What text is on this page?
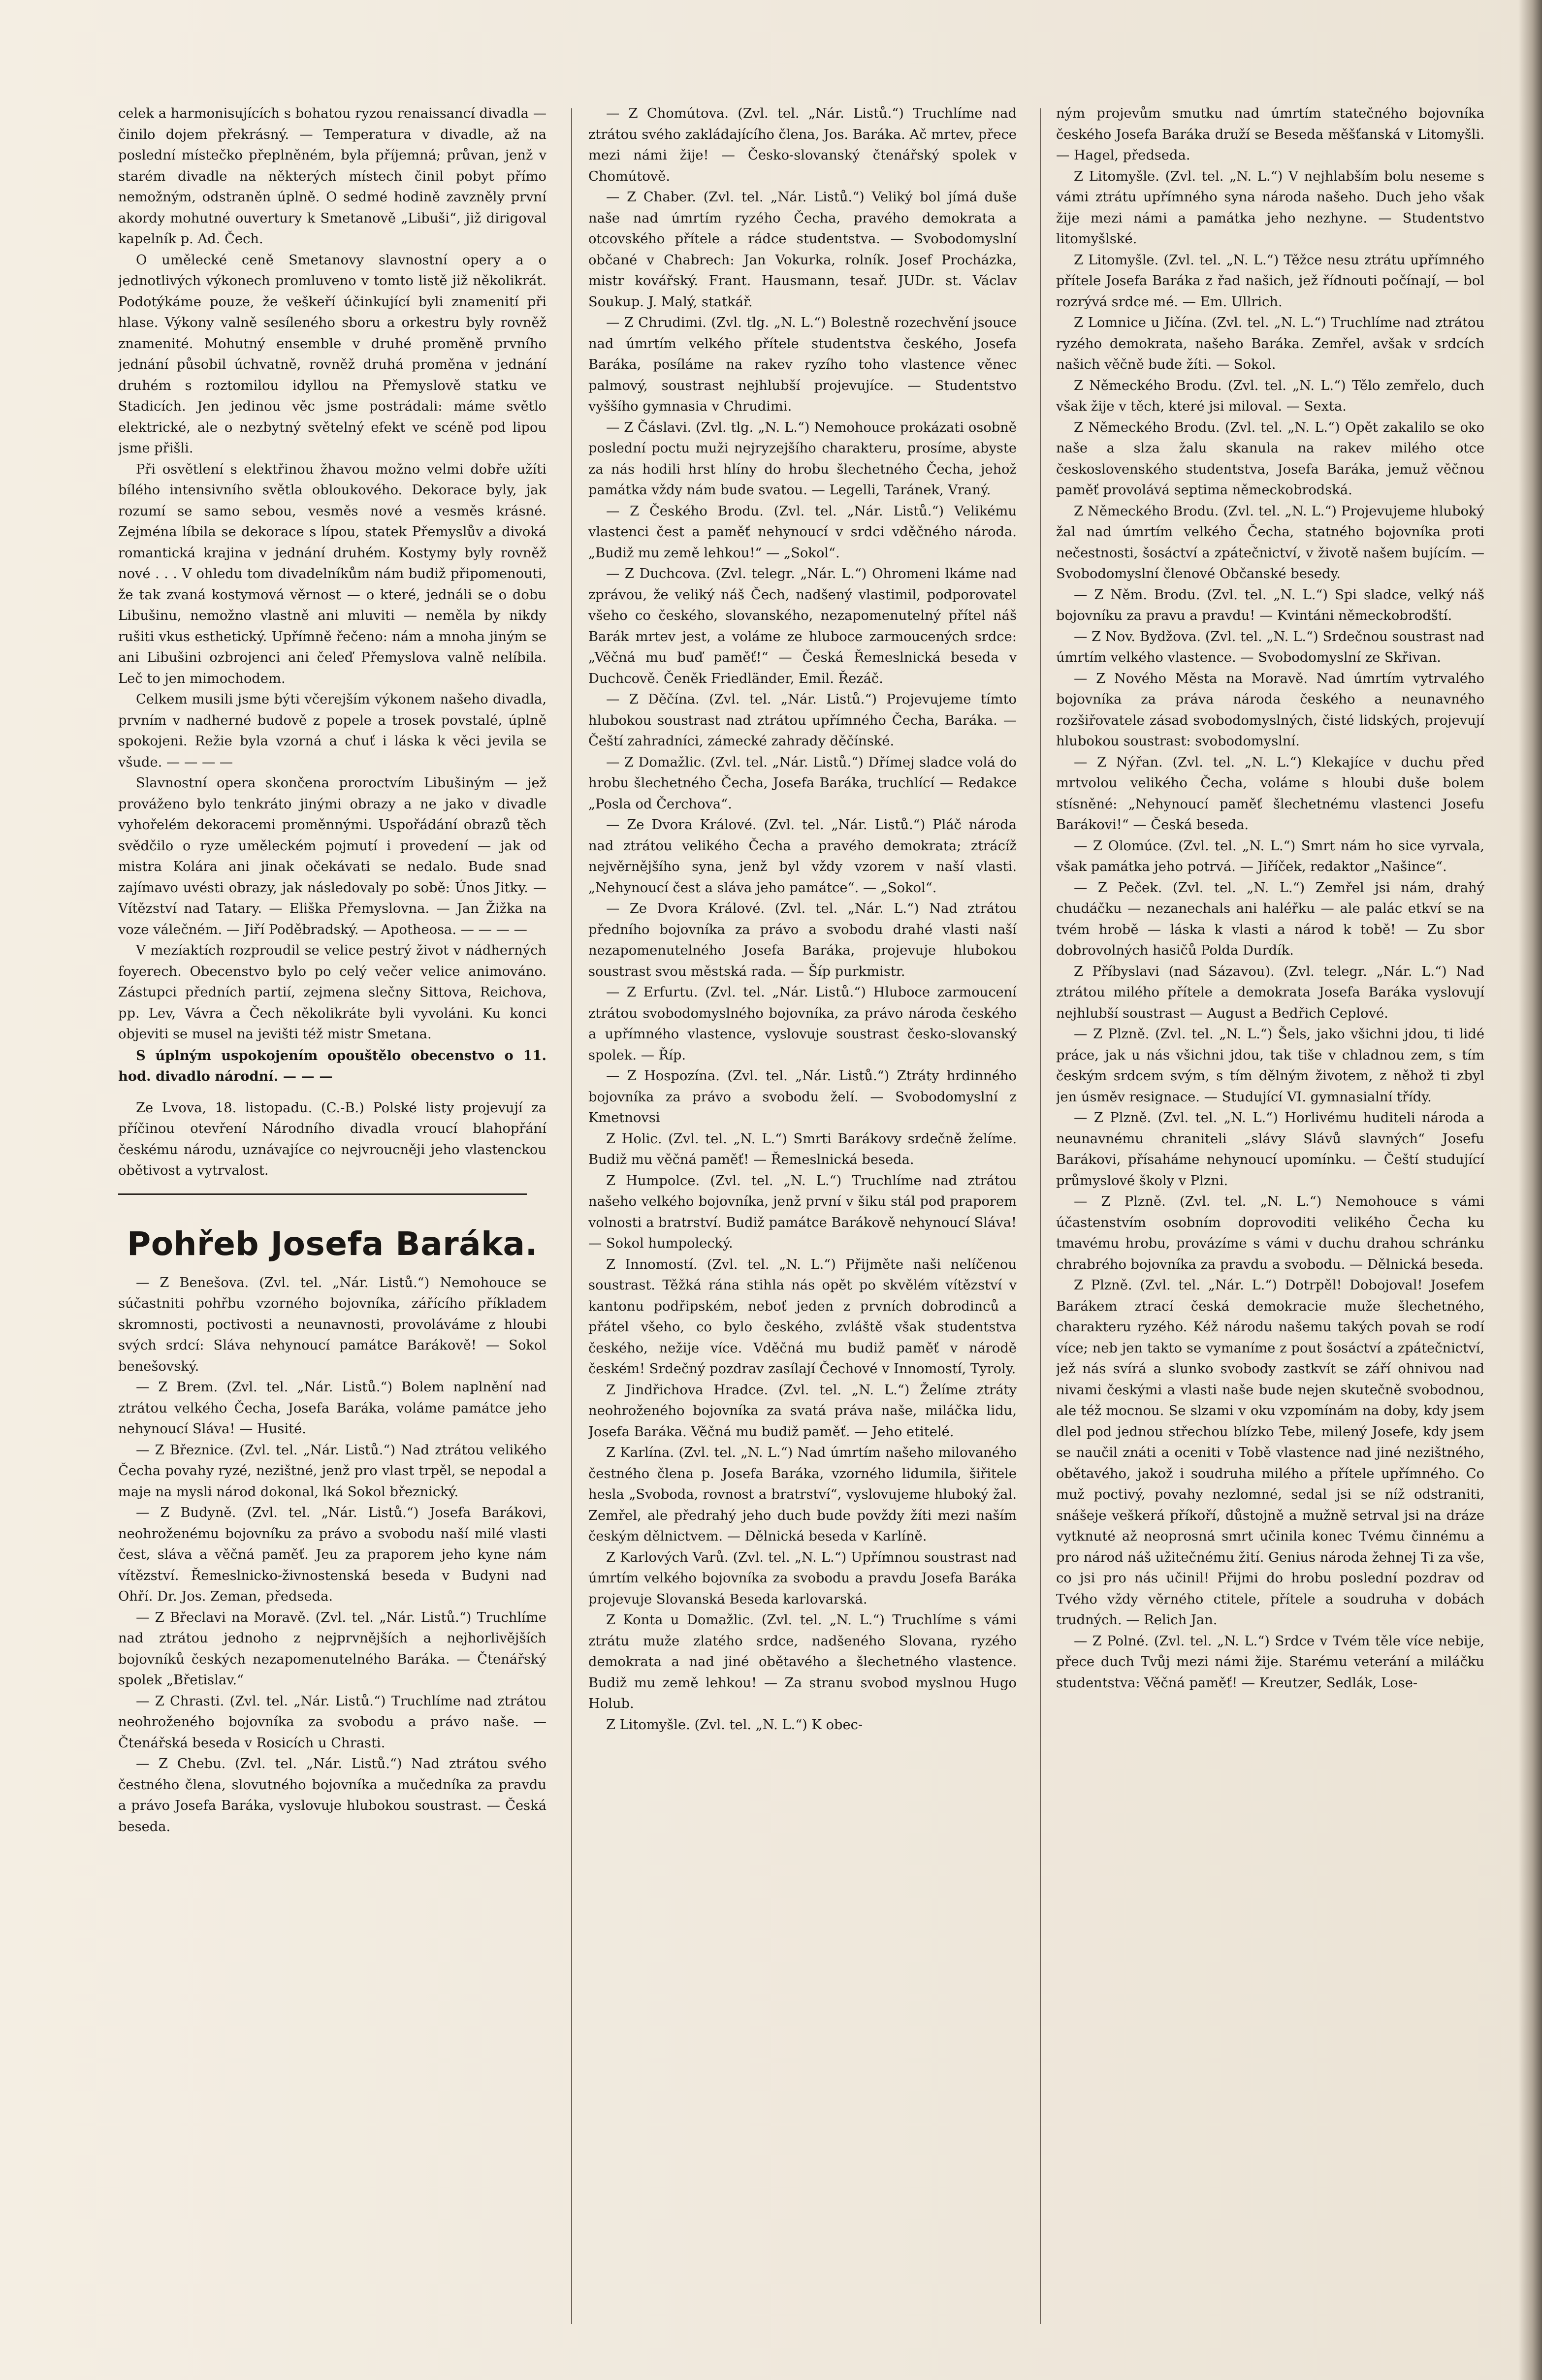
celek a harmonisujících s bohatou ryzou renaissancí divadla — činilo dojem překrásný. — Temperatura v divadle, až na poslední místečko přeplněném, byla příjemná; průvan, jenž v starém divadle na některých místech činil pobyt přímo nemožným, odstraněn úplně. O sedmé hodině zavzněly první akordy mohutné ouvertury k Smetanově „Libuši“, již dirigoval kapelník p. Ad. Čech.

O umělecké ceně Smetanovy slavnostní opery a o jednotlivých výkonech promluveno v tomto listě již několikrát. Podotýkáme pouze, že veškeří účinkující byli znamenití při hlase. Výkony valně sesíleného sboru a orkestru byly rovněž znamenité. Mohutný ensemble v druhé proměně prvního jednání působil úchvatně, rovněž druhá proměna v jednání druhém s roztomilou idyllou na Přemyslově statku ve Stadicích. Jen jedinou věc jsme postrádali: máme světlo elektrické, ale o nezbytný světelný efekt ve scéně pod lipou jsme přišli.

Při osvětlení s elektřinou žhavou možno velmi dobře užíti bílého intensivního světla obloukového. Dekorace byly, jak rozumí se samo sebou, vesměs nové a vesměs krásné. Zejména líbila se dekorace s lípou, statek Přemyslův a divoká romantická krajina v jednání druhém. Kostymy byly rovněž nové . . . V ohledu tom divadelníkům nám budiž připomenouti, že tak zvaná kostymová věrnost — o které, jednáli se o dobu Libušinu, nemožno vlastně ani mluviti — neměla by nikdy rušiti vkus esthetický. Upřímně řečeno: nám a mnoha jiným se ani Libušini ozbrojenci ani čeleď Přemyslova valně nelíbila. Leč to jen mimochodem.

Celkem musili jsme býti včerejším výkonem našeho divadla, prvním v nadherné budově z popele a trosek povstalé, úplně spokojeni. Režie byla vzorná a chuť i láska k věci jevila se všude. — — — —

Slavnostní opera skončena proroctvím Libušiným — jež prováženo bylo tenkráto jinými obrazy a ne jako v divadle vyhořelém dekoracemi proměnnými. Uspořádání obrazů těch svědčilo o ryze uměleckém pojmutí i provedení — jak od mistra Kolára ani jinak očekávati se nedalo. Bude snad zajímavo uvésti obrazy, jak následovaly po sobě: Únos Jitky. — Vítězství nad Tatary. — Eliška Přemyslovna. — Jan Žižka na voze válečném. — Jiří Poděbradský. — Apotheosa. — — — —

V mezíaktích rozproudil se velice pestrý život v nádherných foyerech. Obecenstvo bylo po celý večer velice animováno. Zástupci předních partií, zejmena slečny Sittova, Reichova, pp. Lev, Vávra a Čech několikráte byli vyvoláni. Ku konci objeviti se musel na jevišti též mistr Smetana.

S úplným uspokojením opouštělo obecenstvo o 11. hod. divadlo národní. — — —

Ze Lvova, 18. listopadu. (C.-B.) Polské listy projevují za příčinou otevření Národního divadla vroucí blahopřání českému národu, uznávajíce co nejvroucněji jeho vlastenckou obětivost a vytrvalost.

Pohřeb Josefa Baráka.

— Z Benešova. (Zvl. tel. „Nár. Listů.“) Nemohouce se súčastniti pohřbu vzorného bojovníka, zářícího příkladem skromnosti, poctivosti a neunavnosti, provoláváme z hloubi svých srdcí: Sláva nehynoucí památce Barákově! — Sokol benešovský.

— Z Brem. (Zvl. tel. „Nár. Listů.“) Bolem naplnění nad ztrátou velkého Čecha, Josefa Baráka, voláme památce jeho nehynoucí Sláva! — Husité.

— Z Březnice. (Zvl. tel. „Nár. Listů.“) Nad ztrátou velikého Čecha povahy ryzé, nezištné, jenž pro vlast trpěl, se nepodal a maje na mysli národ dokonal, lká Sokol březnický.

— Z Budyně. (Zvl. tel. „Nár. Listů.“) Josefa Barákovi, neohroženému bojovníku za právo a svobodu naší milé vlasti čest, sláva a věčná paměť. Jeu za praporem jeho kyne nám vítězství. Řemeslnicko-živnostenská beseda v Budyni nad Ohří. Dr. Jos. Zeman, předseda.

— Z Břeclavi na Moravě. (Zvl. tel. „Nár. Listů.“) Truchlíme nad ztrátou jednoho z nejprvnějších a nejhorlivějších bojovníků českých nezapomenutelného Baráka. — Čtenářský spolek „Břetislav.“

— Z Chrasti. (Zvl. tel. „Nár. Listů.“) Truchlíme nad ztrátou neohroženého bojovníka za svobodu a právo naše. — Čtenářská beseda v Rosicích u Chrasti.

— Z Chebu. (Zvl. tel. „Nár. Listů.“) Nad ztrátou svého čestného člena, slovutného bojovníka a mučedníka za pravdu a právo Josefa Baráka, vyslovuje hlubokou soustrast. — Česká beseda.

— Z Chomútova. (Zvl. tel. „Nár. Listů.“) Truchlíme nad ztrátou svého zakládajícího člena, Jos. Baráka. Ač mrtev, přece mezi námi žije! — Česko-slovanský čtenářský spolek v Chomútově.

— Z Chaber. (Zvl. tel. „Nár. Listů.“) Veliký bol jímá duše naše nad úmrtím ryzého Čecha, pravého demokrata a otcovského přítele a rádce studentstva. — Svobodomyslní občané v Chabrech: Jan Vokurka, rolník. Josef Procházka, mistr kovářský. Frant. Hausmann, tesař. JUDr. st. Václav Soukup. J. Malý, statkář.

— Z Chrudimi. (Zvl. tlg. „N. L.“) Bolestně rozechvění jsouce nad úmrtím velkého přítele studentstva českého, Josefa Baráka, posíláme na rakev ryzího toho vlastence věnec palmový, soustrast nejhlubší projevujíce. — Studentstvo vyššího gymnasia v Chrudimi.

— Z Čáslavi. (Zvl. tlg. „N. L.“) Nemohouce prokázati osobně poslední poctu muži nejryzejšího charakteru, prosíme, abyste za nás hodili hrst hlíny do hrobu šlechetného Čecha, jehož památka vždy nám bude svatou. — Legelli, Taránek, Vraný.

— Z Českého Brodu. (Zvl. tel. „Nár. Listů.“) Velikému vlastenci čest a paměť nehynoucí v srdci vděčného národa. „Budiž mu země lehkou!“ — „Sokol“.

— Z Duchcova. (Zvl. telegr. „Nár. L.“) Ohromeni lkáme nad zprávou, že veliký náš Čech, nadšený vlastimil, podporovatel všeho co českého, slovanského, nezapomenutelný přítel náš Barák mrtev jest, a voláme ze hluboce zarmoucených srdce: „Věčná mu buď paměť!“ — Česká Řemeslnická beseda v Duchcově. Čeněk Friedländer, Emil. Řezáč.

— Z Děčína. (Zvl. tel. „Nár. Listů.“) Projevujeme tímto hlubokou soustrast nad ztrátou upřímného Čecha, Baráka. — Čeští zahradníci, zámecké zahrady děčínské.

— Z Domažlic. (Zvl. tel. „Nár. Listů.“) Dřímej sladce volá do hrobu šlechetného Čecha, Josefa Baráka, truchlící — Redakce „Posla od Čerchova“.

— Ze Dvora Králové. (Zvl. tel. „Nár. Listů.“) Pláč národa nad ztrátou velikého Čecha a pravého demokrata; ztrácíž nejvěrnějšího syna, jenž byl vždy vzorem v naší vlasti. „Nehynoucí čest a sláva jeho památce“. — „Sokol“.

— Ze Dvora Králové. (Zvl. tel. „Nár. L.“) Nad ztrátou předního bojovníka za právo a svobodu drahé vlasti naší nezapomenutelného Josefa Baráka, projevuje hlubokou soustrast svou městská rada. — Šíp purkmistr.

— Z Erfurtu. (Zvl. tel. „Nár. Listů.“) Hluboce zarmoucení ztrátou svobodomyslného bojovníka, za právo národa českého a upřímného vlastence, vyslovuje soustrast česko-slovanský spolek. — Říp.

— Z Hospozína. (Zvl. tel. „Nár. Listů.“) Ztráty hrdinného bojovníka za právo a svobodu želí. — Svobodomyslní z Kmetnovsi

Z Holic. (Zvl. tel. „N. L.“) Smrti Barákovy srdečně želíme. Budiž mu věčná paměť! — Řemeslnická beseda.

Z Humpolce. (Zvl. tel. „N. L.“) Truchlíme nad ztrátou našeho velkého bojovníka, jenž první v šiku stál pod praporem volnosti a bratrství. Budiž památce Barákově nehynoucí Sláva! — Sokol humpolecký.

Z Innomostí. (Zvl. tel. „N. L.“) Přijměte naši nelíčenou soustrast. Těžká rána stihla nás opět po skvělém vítězství v kantonu podřipském, neboť jeden z prvních dobrodinců a přátel všeho, co bylo českého, zvláště však studentstva českého, nežije více. Vděčná mu budiž paměť v národě českém! Srdečný pozdrav zasílají Čechové v Innomostí, Tyroly.

Z Jindřichova Hradce. (Zvl. tel. „N. L.“) Želíme ztráty neohroženého bojovníka za svatá práva naše, miláčka lidu, Josefa Baráka. Věčná mu budiž paměť. — Jeho etitelé.

Z Karlína. (Zvl. tel. „N. L.“) Nad úmrtím našeho milovaného čestného člena p. Josefa Baráka, vzorného lidumila, šiřitele hesla „Svoboda, rovnost a bratrství“, vyslovujeme hluboký žal. Zemřel, ale předrahý jeho duch bude povždy žíti mezi naším českým dělnictvem. — Dělnická beseda v Karlíně.

Z Karlových Varů. (Zvl. tel. „N. L.“) Upřímnou soustrast nad úmrtím velkého bojovníka za svobodu a pravdu Josefa Baráka projevuje Slovanská Beseda karlovarská.

Z Konta u Domažlic. (Zvl. tel. „N. L.“) Truchlíme s vámi ztrátu muže zlatého srdce, nadšeného Slovana, ryzého demokrata a nad jiné obětavého a šlechetného vlastence. Budiž mu země lehkou! — Za stranu svobod myslnou Hugo Holub.

Z Litomyšle. (Zvl. tel. „N. L.“) K obec-

ným projevům smutku nad úmrtím statečného bojovníka českého Josefa Baráka druží se Beseda měšťanská v Litomyšli. — Hagel, předseda.

Z Litomyšle. (Zvl. tel. „N. L.“) V nejhlabším bolu neseme s vámi ztrátu upřímného syna národa našeho. Duch jeho však žije mezi námi a památka jeho nezhyne. — Studentstvo litomyšlské.

Z Litomyšle. (Zvl. tel. „N. L.“) Těžce nesu ztrátu upřímného přítele Josefa Baráka z řad našich, jež řídnouti počínají, — bol rozrývá srdce mé. — Em. Ullrich.

Z Lomnice u Jičína. (Zvl. tel. „N. L.“) Truchlíme nad ztrátou ryzého demokrata, našeho Baráka. Zemřel, avšak v srdcích našich věčně bude žíti. — Sokol.

Z Německého Brodu. (Zvl. tel. „N. L.“) Tělo zemřelo, duch však žije v těch, které jsi miloval. — Sexta.

Z Německého Brodu. (Zvl. tel. „N. L.“) Opět zakalilo se oko naše a slza žalu skanula na rakev milého otce československého studentstva, Josefa Baráka, jemuž věčnou paměť provolává septima německobrodská.

Z Německého Brodu. (Zvl. tel. „N. L.“) Projevujeme hluboký žal nad úmrtím velkého Čecha, statného bojovníka proti nečestnosti, šosáctví a zpátečnictví, v životě našem bujícím. — Svobodomyslní členové Občanské besedy.

— Z Něm. Brodu. (Zvl. tel. „N. L.“) Spi sladce, velký náš bojovníku za pravu a pravdu! — Kvintáni německobrodští.

— Z Nov. Bydžova. (Zvl. tel. „N. L.“) Srdečnou soustrast nad úmrtím velkého vlastence. — Svobodomyslní ze Skřivan.

— Z Nového Města na Moravě. Nad úmrtím vytrvalého bojovníka za práva národa českého a neunavného rozšiřovatele zásad svobodomyslných, čisté lidských, projevují hlubokou soustrast: svobodomyslní.

— Z Nýřan. (Zvl. tel. „N. L.“) Klekajíce v duchu před mrtvolou velikého Čecha, voláme s hloubi duše bolem stísněné: „Nehynoucí paměť šlechetnému vlastenci Josefu Barákovi!“ — Česká beseda.

— Z Olomúce. (Zvl. tel. „N. L.“) Smrt nám ho sice vyrvala, však památka jeho potrvá. — Jiříček, redaktor „Našince“.

— Z Peček. (Zvl. tel. „N. L.“) Zemřel jsi nám, drahý chudáčku — nezanechals ani haléřku — ale palác etkví se na tvém hrobě — láska k vlasti a národ k tobě! — Zu sbor dobrovolných hasičů Polda Durdík.

Z Příbyslavi (nad Sázavou). (Zvl. telegr. „Nár. L.“) Nad ztrátou milého přítele a demokrata Josefa Baráka vyslovují nejhlubší soustrast — August a Bedřich Ceplové.

— Z Plzně. (Zvl. tel. „N. L.“) Šels, jako všichni jdou, ti lidé práce, jak u nás všichni jdou, tak tiše v chladnou zem, s tím českým srdcem svým, s tím dělným životem, z něhož ti zbyl jen úsměv resignace. — Studující VI. gymnasialní třídy.

— Z Plzně. (Zvl. tel. „N. L.“) Horlivému huditeli národa a neunavnému chraniteli „slávy Slávů slavných“ Josefu Barákovi, přísaháme nehynoucí upomínku. — Čeští studující průmyslové školy v Plzni.

— Z Plzně. (Zvl. tel. „N. L.“) Nemohouce s vámi účastenstvím osobním doprovoditi velikého Čecha ku tmavému hrobu, provázíme s vámi v duchu drahou schránku chrabrého bojovníka za pravdu a svobodu. — Dělnická beseda.

Z Plzně. (Zvl. tel. „Nár. L.“) Dotrpěl! Dobojoval! Josefem Barákem ztrací česká demokracie muže šlechetného, charakteru ryzého. Kéž národu našemu takých povah se rodí více; neb jen takto se vymaníme z pout šosáctví a zpátečnictví, jež nás svírá a slunko svobody zastkvít se září ohnivou nad nivami českými a vlasti naše bude nejen skutečně svobodnou, ale též mocnou. Se slzami v oku vzpomínám na doby, kdy jsem dlel pod jednou střechou blízko Tebe, milený Josefe, kdy jsem se naučil znáti a oceniti v Tobě vlastence nad jiné nezištného, obětavého, jakož i soudruha milého a přítele upřímného. Co muž poctivý, povahy nezlomné, sedal jsi se níž odstraniti, snášeje veškerá příkoří, důstojně a mužně setrval jsi na dráze vytknuté až neoprosná smrt učinila konec Tvému činnému a pro národ náš užitečnému žití. Genius národa žehnej Ti za vše, co jsi pro nás učinil! Přijmi do hrobu poslední pozdrav od Tvého vždy věrného ctitele, přítele a soudruha v dobách trudných. — Relich Jan.

— Z Polné. (Zvl. tel. „N. L.“) Srdce v Tvém těle více nebije, přece duch Tvůj mezi námi žije. Starému veterání a miláčku studentstva: Věčná paměť! — Kreutzer, Sedlák, Lose-
